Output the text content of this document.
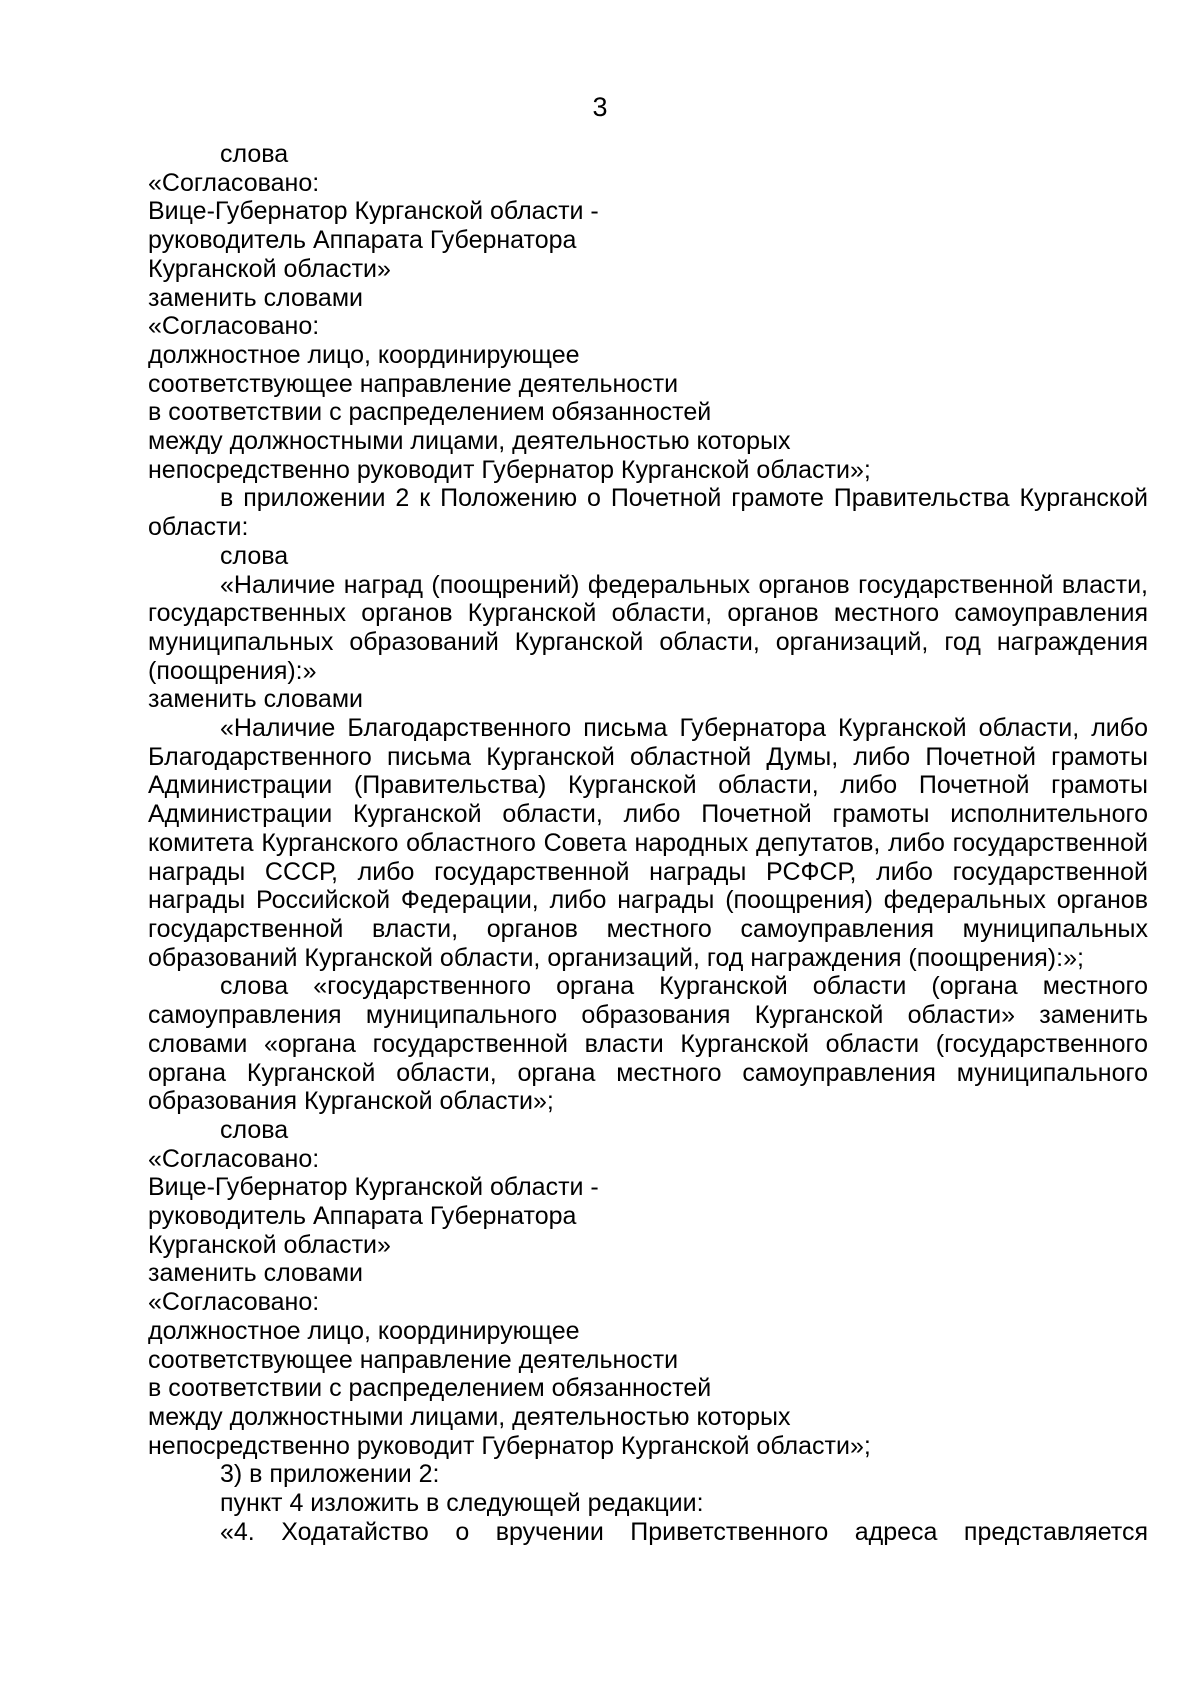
3
слова
«Согласовано:
Вице-Губернатор Курганской области -
руководитель Аппарата Губернатора
Курганской области»
заменить словами
«Согласовано:
должностное лицо, координирующее
соответствующее направление деятельности
в соответствии с распределением обязанностей
между должностными лицами, деятельностью которых
непосредственно руководит Губернатор Курганской области»;
в приложении 2 к Положению о Почетной грамоте Правительства Курганской области:
слова
«Наличие наград (поощрений) федеральных органов государственной власти, государственных органов Курганской области, органов местного самоуправления муниципальных образований Курганской области, организаций, год награждения (поощрения):»
заменить словами
«Наличие Благодарственного письма Губернатора Курганской области, либо Благодарственного письма Курганской областной Думы, либо Почетной грамоты Администрации (Правительства) Курганской области, либо Почетной грамоты Администрации Курганской области, либо Почетной грамоты исполнительного комитета Курганского областного Совета народных депутатов, либо государственной награды СССР, либо государственной награды РСФСР, либо государственной награды Российской Федерации, либо награды (поощрения) федеральных органов государственной власти, органов местного самоуправления муниципальных образований Курганской области, организаций, год награждения (поощрения):»;
слова «государственного органа Курганской области (органа местного самоуправления муниципального образования Курганской области» заменить словами «органа государственной власти Курганской области (государственного органа Курганской области, органа местного самоуправления муниципального образования Курганской области»;
слова
«Согласовано:
Вице-Губернатор Курганской области -
руководитель Аппарата Губернатора
Курганской области»
заменить словами
«Согласовано:
должностное лицо, координирующее
соответствующее направление деятельности
в соответствии с распределением обязанностей
между должностными лицами, деятельностью которых
непосредственно руководит Губернатор Курганской области»;
3) в приложении 2:
пункт 4 изложить в следующей редакции:
«4. Ходатайство о вручении Приветственного адреса представляется
